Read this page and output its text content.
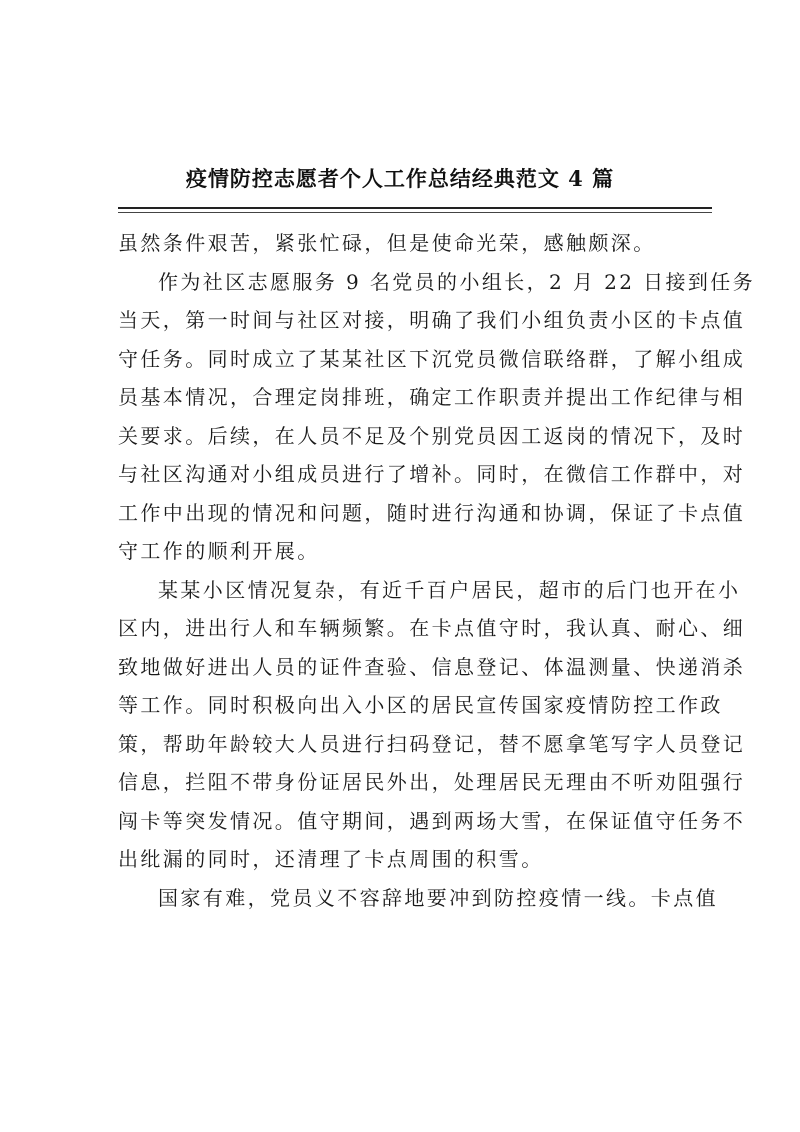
疫情防控志愿者个人工作总结经典范文 4 篇
虽然条件艰苦，紧张忙碌，但是使命光荣，感触颇深。
作为社区志愿服务 9 名党员的小组长，2 月 22 日接到任务
当天，第一时间与社区对接，明确了我们小组负责小区的卡点值
守任务。同时成立了某某社区下沉党员微信联络群，了解小组成
员基本情况，合理定岗排班，确定工作职责并提出工作纪律与相
关要求。后续，在人员不足及个别党员因工返岗的情况下，及时
与社区沟通对小组成员进行了增补。同时，在微信工作群中，对
工作中出现的情况和问题，随时进行沟通和协调，保证了卡点值
守工作的顺利开展。
某某小区情况复杂，有近千百户居民，超市的后门也开在小
区内，进出行人和车辆频繁。在卡点值守时，我认真、耐心、细
致地做好进出人员的证件查验、信息登记、体温测量、快递消杀
等工作。同时积极向出入小区的居民宣传国家疫情防控工作政
策，帮助年龄较大人员进行扫码登记，替不愿拿笔写字人员登记
信息，拦阻不带身份证居民外出，处理居民无理由不听劝阻强行
闯卡等突发情况。值守期间，遇到两场大雪，在保证值守任务不
出纰漏的同时，还清理了卡点周围的积雪。
国家有难，党员义不容辞地要冲到防控疫情一线。卡点值
